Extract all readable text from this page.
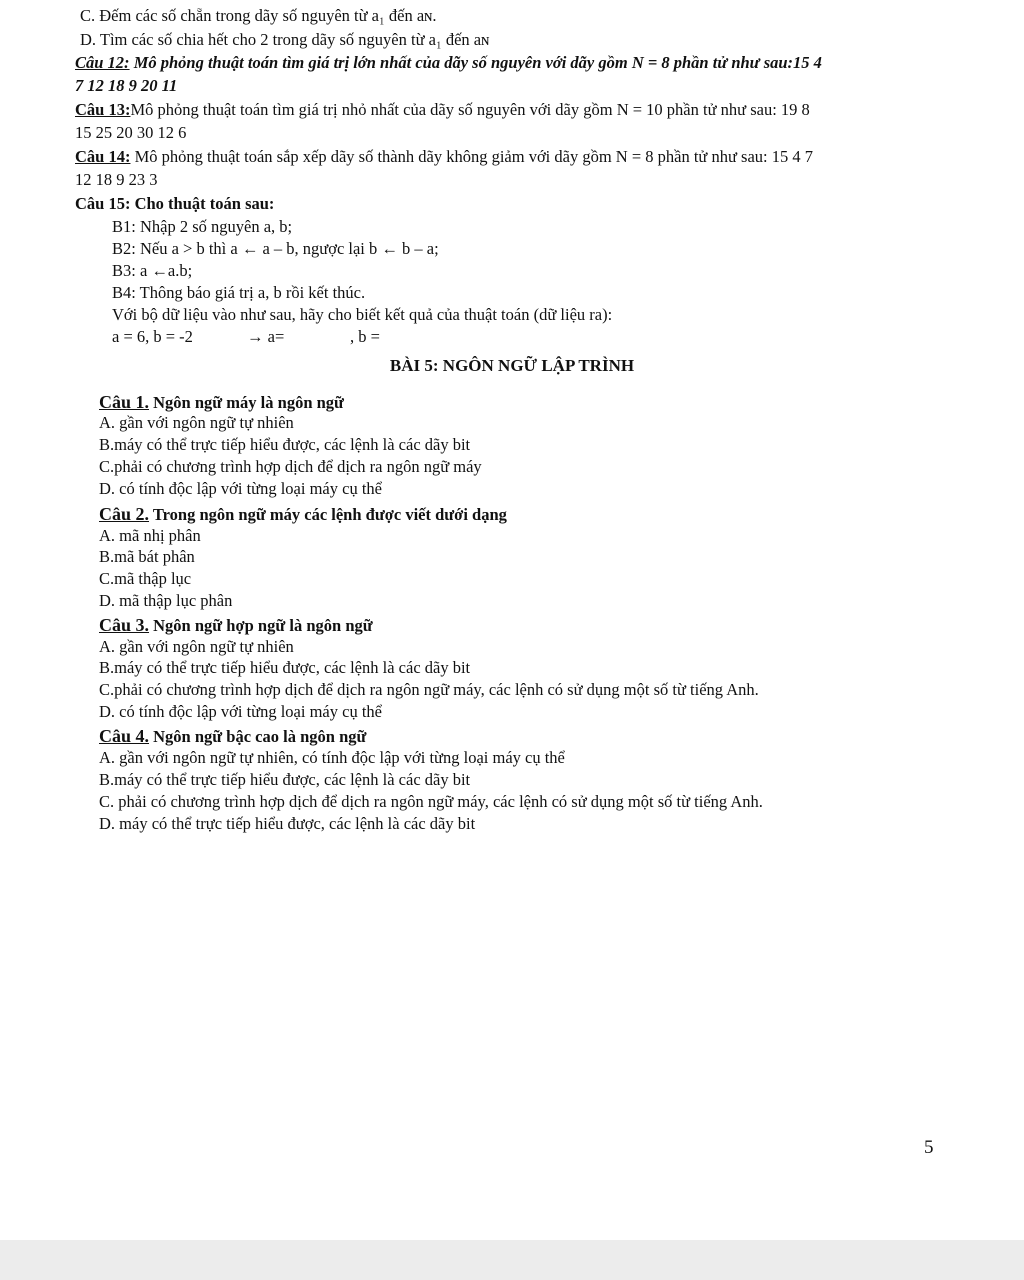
C. Đếm các số chẵn trong dãy số nguyên từ a₁ đến aɴ.
D. Tìm các số chia hết cho 2 trong dãy số nguyên từ a₁ đến aɴ
Câu 12: Mô phỏng thuật toán tìm giá trị lớn nhất của dãy số nguyên với dãy gồm N = 8 phần tử như sau:15 4
7 12 18 9 20 11
Câu 13:Mô phỏng thuật toán tìm giá trị nhỏ nhất của dãy số nguyên với dãy gồm N = 10 phần tử như sau: 19 8
15 25 20 30 12 6
Câu 14: Mô phỏng thuật toán sắp xếp dãy số thành dãy không giảm với dãy gồm N = 8 phần tử như sau: 15 4 7
12 18 9 23 3
Câu 15: Cho thuật toán sau:
B1: Nhập 2 số nguyên a, b;
B2: Nếu a > b thì a ← a – b, ngược lại b ← b – a;
B3: a ←a.b;
B4: Thông báo giá trị a, b rồi kết thúc.
Với bộ dữ liệu vào như sau, hãy cho biết kết quả của thuật toán (dữ liệu ra):
a = 6, b = -2	→ a=	, b =
BÀI 5: NGÔN NGỮ LẬP TRÌNH
Câu 1. Ngôn ngữ máy là ngôn ngữ
A. gần với ngôn ngữ tự nhiên
B.máy có thể trực tiếp hiểu được, các lệnh là các dãy bit
C.phải có chương trình hợp dịch để dịch ra ngôn ngữ máy
D. có tính độc lập với từng loại máy cụ thể
Câu 2. Trong ngôn ngữ máy các lệnh được viết dưới dạng
A. mã nhị phân
B.mã bát phân
C.mã thập lục
D. mã thập lục phân
Câu 3. Ngôn ngữ hợp ngữ là ngôn ngữ
A. gần với ngôn ngữ tự nhiên
B.máy có thể trực tiếp hiểu được, các lệnh là các dãy bit
C.phải có chương trình hợp dịch để dịch ra ngôn ngữ máy, các lệnh có sử dụng một số từ tiếng Anh.
D. có tính độc lập với từng loại máy cụ thể
Câu 4. Ngôn ngữ bậc cao là ngôn ngữ
A. gần với ngôn ngữ tự nhiên, có tính độc lập với từng loại máy cụ thể
B.máy có thể trực tiếp hiểu được, các lệnh là các dãy bit
C. phải có chương trình hợp dịch để dịch ra ngôn ngữ máy, các lệnh có sử dụng một số từ tiếng Anh.
D. máy có thể trực tiếp hiểu được, các lệnh là các dãy bit
5
